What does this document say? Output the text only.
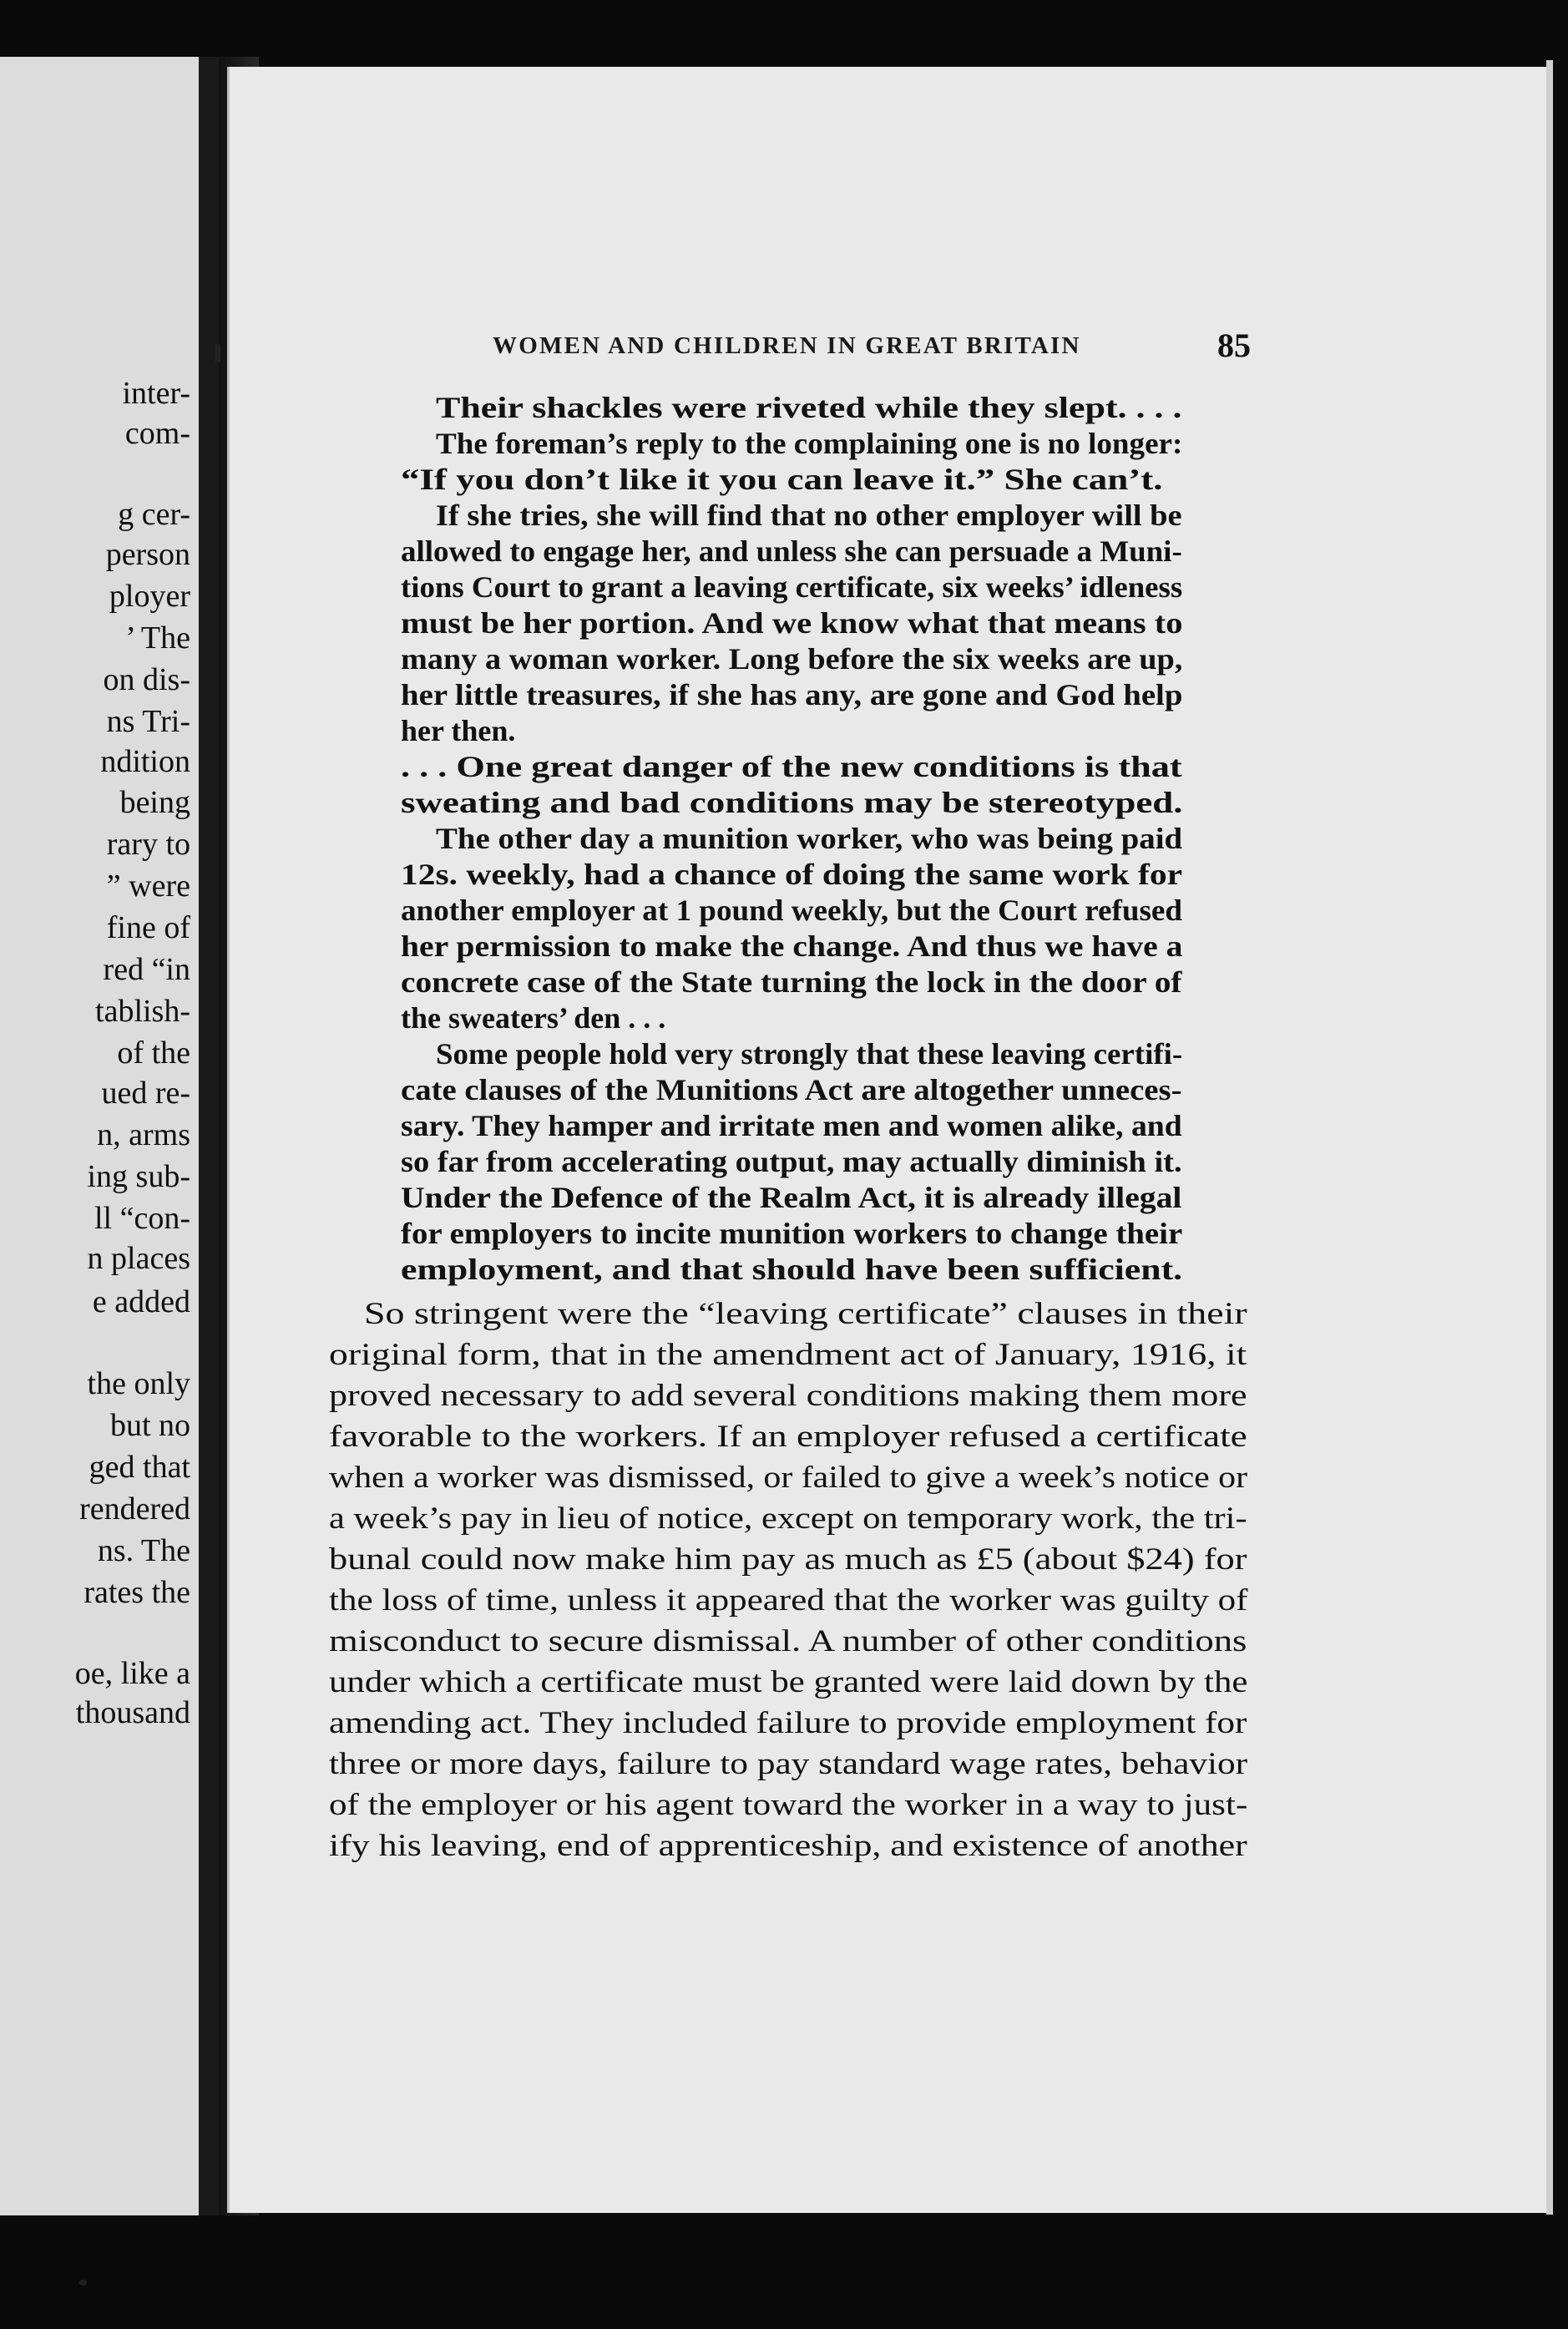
inter-
com-
g cer-
person
ployer
’ The
on dis-
ns Tri-
ndition
being
rary to
” were
fine of
red “in
tablish-
of the
ued re-
n, arms
ing sub-
ll “con-
n places
e added
the only
but no
ged that
rendered
ns. The
rates the
oe, like a
thousand
WOMEN AND CHILDREN IN GREAT BRITAIN	85
Their shackles were riveted while they slept. . . .
The foreman’s reply to the complaining one is no longer:
“If you don’t like it you can leave it.” She can’t.
If she tries, she will find that no other employer will be
allowed to engage her, and unless she can persuade a Muni-
tions Court to grant a leaving certificate, six weeks’ idleness
must be her portion. And we know what that means to
many a woman worker. Long before the six weeks are up,
her little treasures, if she has any, are gone and God help
her then.
. . . One great danger of the new conditions is that
sweating and bad conditions may be stereotyped.
The other day a munition worker, who was being paid
12s. weekly, had a chance of doing the same work for
another employer at 1 pound weekly, but the Court refused
her permission to make the change. And thus we have a
concrete case of the State turning the lock in the door of
the sweaters’ den . . .
Some people hold very strongly that these leaving certifi-
cate clauses of the Munitions Act are altogether unneces-
sary. They hamper and irritate men and women alike, and
so far from accelerating output, may actually diminish it.
Under the Defence of the Realm Act, it is already illegal
for employers to incite munition workers to change their
employment, and that should have been sufficient.
So stringent were the “leaving certificate” clauses in their
original form, that in the amendment act of January, 1916, it
proved necessary to add several conditions making them more
favorable to the workers. If an employer refused a certificate
when a worker was dismissed, or failed to give a week’s notice or
a week’s pay in lieu of notice, except on temporary work, the tri-
bunal could now make him pay as much as £5 (about $24) for
the loss of time, unless it appeared that the worker was guilty of
misconduct to secure dismissal. A number of other conditions
under which a certificate must be granted were laid down by the
amending act. They included failure to provide employment for
three or more days, failure to pay standard wage rates, behavior
of the employer or his agent toward the worker in a way to just-
ify his leaving, end of apprenticeship, and existence of another
